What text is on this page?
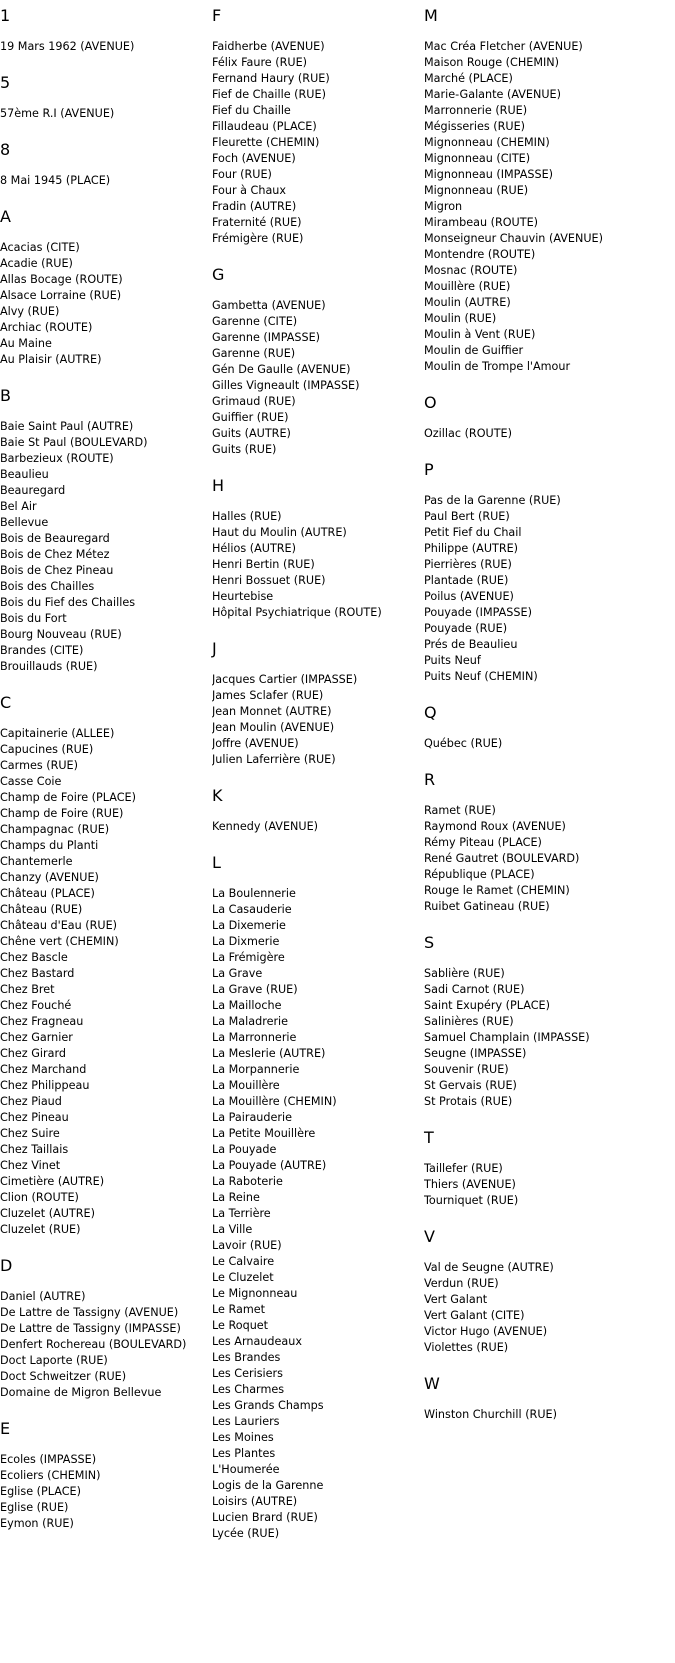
1
19 Mars 1962 (AVENUE)
5
57ème R.I (AVENUE)
8
8 Mai 1945 (PLACE)
A
Acacias (CITE)
Acadie (RUE)
Allas Bocage (ROUTE)
Alsace Lorraine (RUE)
Alvy (RUE)
Archiac (ROUTE)
Au Maine
Au Plaisir (AUTRE)
B
Baie Saint Paul (AUTRE)
Baie St Paul (BOULEVARD)
Barbezieux (ROUTE)
Beaulieu
Beauregard
Bel Air
Bellevue
Bois de Beauregard
Bois de Chez Métez
Bois de Chez Pineau
Bois des Chailles
Bois du Fief des Chailles
Bois du Fort
Bourg Nouveau (RUE)
Brandes (CITE)
Brouillauds (RUE)
C
Capitainerie (ALLEE)
Capucines (RUE)
Carmes (RUE)
Casse Coie
Champ de Foire (PLACE)
Champ de Foire (RUE)
Champagnac (RUE)
Champs du Planti
Chantemerle
Chanzy (AVENUE)
Château (PLACE)
Château (RUE)
Château d'Eau (RUE)
Chêne vert (CHEMIN)
Chez Bascle
Chez Bastard
Chez Bret
Chez Fouché
Chez Fragneau
Chez Garnier
Chez Girard
Chez Marchand
Chez Philippeau
Chez Piaud
Chez Pineau
Chez Suire
Chez Taillais
Chez Vinet
Cimetière (AUTRE)
Clion (ROUTE)
Cluzelet (AUTRE)
Cluzelet (RUE)
D
Daniel (AUTRE)
De Lattre de Tassigny (AVENUE)
De Lattre de Tassigny (IMPASSE)
Denfert Rochereau (BOULEVARD)
Doct Laporte (RUE)
Doct Schweitzer (RUE)
Domaine de Migron Bellevue
E
Ecoles (IMPASSE)
Ecoliers (CHEMIN)
Eglise (PLACE)
Eglise (RUE)
Eymon (RUE)
F
Faidherbe (AVENUE)
Félix Faure (RUE)
Fernand Haury (RUE)
Fief de Chaille (RUE)
Fief du Chaille
Fillaudeau (PLACE)
Fleurette (CHEMIN)
Foch (AVENUE)
Four (RUE)
Four à Chaux
Fradin (AUTRE)
Fraternité (RUE)
Frémigère (RUE)
G
Gambetta (AVENUE)
Garenne (CITE)
Garenne (IMPASSE)
Garenne (RUE)
Gén De Gaulle (AVENUE)
Gilles Vigneault (IMPASSE)
Grimaud (RUE)
Guiffier (RUE)
Guits (AUTRE)
Guits (RUE)
H
Halles (RUE)
Haut du Moulin (AUTRE)
Hélios (AUTRE)
Henri Bertin (RUE)
Henri Bossuet (RUE)
Heurtebise
Hôpital Psychiatrique (ROUTE)
J
Jacques Cartier (IMPASSE)
James Sclafer (RUE)
Jean Monnet (AUTRE)
Jean Moulin (AVENUE)
Joffre (AVENUE)
Julien Laferrière (RUE)
K
Kennedy (AVENUE)
L
La Boulennerie
La Casauderie
La Dixemerie
La Dixmerie
La Frémigère
La Grave
La Grave (RUE)
La Mailloche
La Maladrerie
La Marronnerie
La Meslerie (AUTRE)
La Morpannerie
La Mouillère
La Mouillère (CHEMIN)
La Pairauderie
La Petite Mouillère
La Pouyade
La Pouyade (AUTRE)
La Raboterie
La Reine
La Terrière
La Ville
Lavoir (RUE)
Le Calvaire
Le Cluzelet
Le Mignonneau
Le Ramet
Le Roquet
Les Arnaudeaux
Les Brandes
Les Cerisiers
Les Charmes
Les Grands Champs
Les Lauriers
Les Moines
Les Plantes
L'Houmerée
Logis de la Garenne
Loisirs (AUTRE)
Lucien Brard (RUE)
Lycée (RUE)
M
Mac Créa Fletcher (AVENUE)
Maison Rouge (CHEMIN)
Marché (PLACE)
Marie-Galante (AVENUE)
Marronnerie (RUE)
Mégisseries (RUE)
Mignonneau (CHEMIN)
Mignonneau (CITE)
Mignonneau (IMPASSE)
Mignonneau (RUE)
Migron
Mirambeau (ROUTE)
Monseigneur Chauvin (AVENUE)
Montendre (ROUTE)
Mosnac (ROUTE)
Mouillère (RUE)
Moulin (AUTRE)
Moulin (RUE)
Moulin à Vent (RUE)
Moulin de Guiffier
Moulin de Trompe l'Amour
O
Ozillac (ROUTE)
P
Pas de la Garenne (RUE)
Paul Bert (RUE)
Petit Fief du Chail
Philippe (AUTRE)
Pierrières (RUE)
Plantade (RUE)
Poilus (AVENUE)
Pouyade (IMPASSE)
Pouyade (RUE)
Prés de Beaulieu
Puits Neuf
Puits Neuf (CHEMIN)
Q
Québec (RUE)
R
Ramet (RUE)
Raymond Roux (AVENUE)
Rémy Piteau (PLACE)
René Gautret (BOULEVARD)
République (PLACE)
Rouge le Ramet (CHEMIN)
Ruibet Gatineau (RUE)
S
Sablière (RUE)
Sadi Carnot (RUE)
Saint Exupéry (PLACE)
Salinières (RUE)
Samuel Champlain (IMPASSE)
Seugne (IMPASSE)
Souvenir (RUE)
St Gervais (RUE)
St Protais (RUE)
T
Taillefer (RUE)
Thiers (AVENUE)
Tourniquet (RUE)
V
Val de Seugne (AUTRE)
Verdun (RUE)
Vert Galant
Vert Galant (CITE)
Victor Hugo (AVENUE)
Violettes (RUE)
W
Winston Churchill (RUE)
